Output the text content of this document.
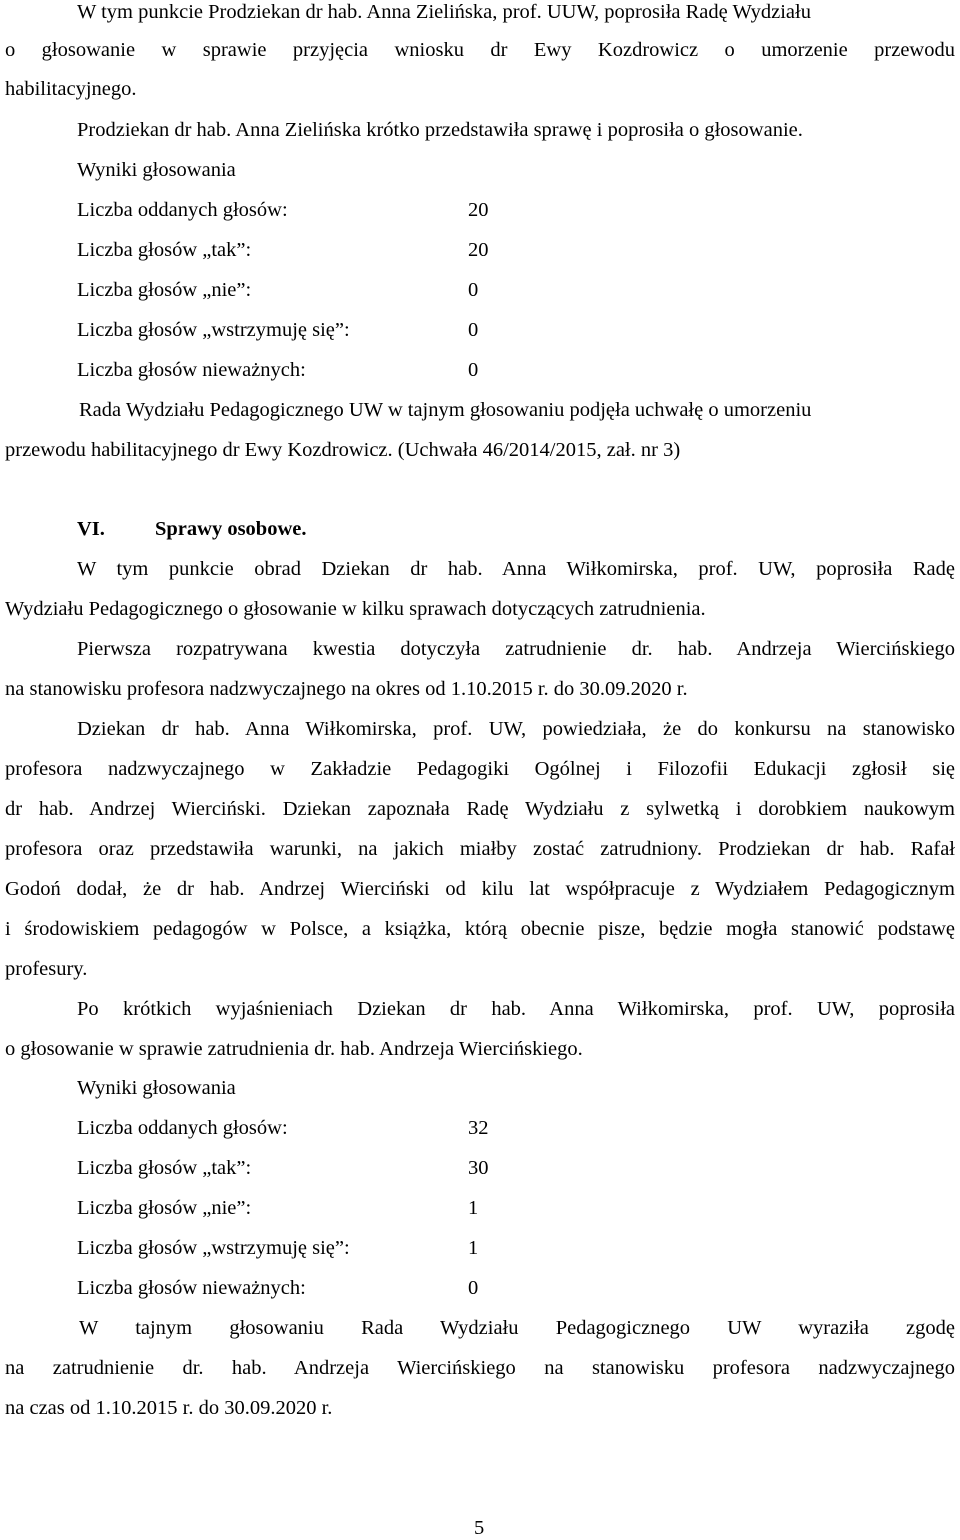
W tym punkcie Prodziekan dr hab. Anna Zielińska, prof. UUW, poprosiła Radę Wydziału
o głosowanie w sprawie przyjęcia wniosku dr Ewy Kozdrowicz o umorzenie przewodu
habilitacyjnego.
Prodziekan dr hab. Anna Zielińska krótko przedstawiła sprawę i poprosiła o głosowanie.
Wyniki głosowania
Liczba oddanych głosów:	20
Liczba głosów „tak”:	20
Liczba głosów „nie”:	0
Liczba głosów „wstrzymuję się”:	0
Liczba głosów nieważnych:	0
Rada Wydziału Pedagogicznego UW w tajnym głosowaniu podjęła uchwałę o umorzeniu
przewodu habilitacyjnego dr Ewy Kozdrowicz. (Uchwała 46/2014/2015, zał. nr 3)
VI. Sprawy osobowe.
W tym punkcie obrad Dziekan dr hab. Anna Wiłkomirska, prof. UW, poprosiła Radę
Wydziału Pedagogicznego o głosowanie w kilku sprawach dotyczących zatrudnienia.
Pierwsza rozpatrywana kwestia dotyczyła zatrudnienie dr. hab. Andrzeja Wiercińskiego
na stanowisku profesora nadzwyczajnego na okres od 1.10.2015 r. do 30.09.2020 r.
Dziekan dr hab. Anna Wiłkomirska, prof. UW, powiedziała, że do konkursu na stanowisko
profesora nadzwyczajnego w Zakładzie Pedagogiki Ogólnej i Filozofii Edukacji zgłosił się
dr hab. Andrzej Wierciński. Dziekan zapoznała Radę Wydziału z sylwetką i dorobkiem naukowym
profesora oraz przedstawiła warunki, na jakich miałby zostać zatrudniony. Prodziekan dr hab. Rafał
Godoń dodał, że dr hab. Andrzej Wierciński od kilu lat współpracuje z Wydziałem Pedagogicznym
i środowiskiem pedagogów w Polsce, a książka, którą obecnie pisze, będzie mogła stanowić podstawę
profesury.
Po krótkich wyjaśnieniach Dziekan dr hab. Anna Wiłkomirska, prof. UW, poprosiła
o głosowanie w sprawie zatrudnienia dr. hab. Andrzeja Wiercińskiego.
Wyniki głosowania
Liczba oddanych głosów:	32
Liczba głosów „tak”:	30
Liczba głosów „nie”:	1
Liczba głosów „wstrzymuję się”:	1
Liczba głosów nieważnych:	0
W tajnym głosowaniu Rada Wydziału Pedagogicznego UW wyraziła zgodę
na zatrudnienie dr. hab. Andrzeja Wiercińskiego na stanowisku profesora nadzwyczajnego
na czas od 1.10.2015 r. do 30.09.2020 r.
5
